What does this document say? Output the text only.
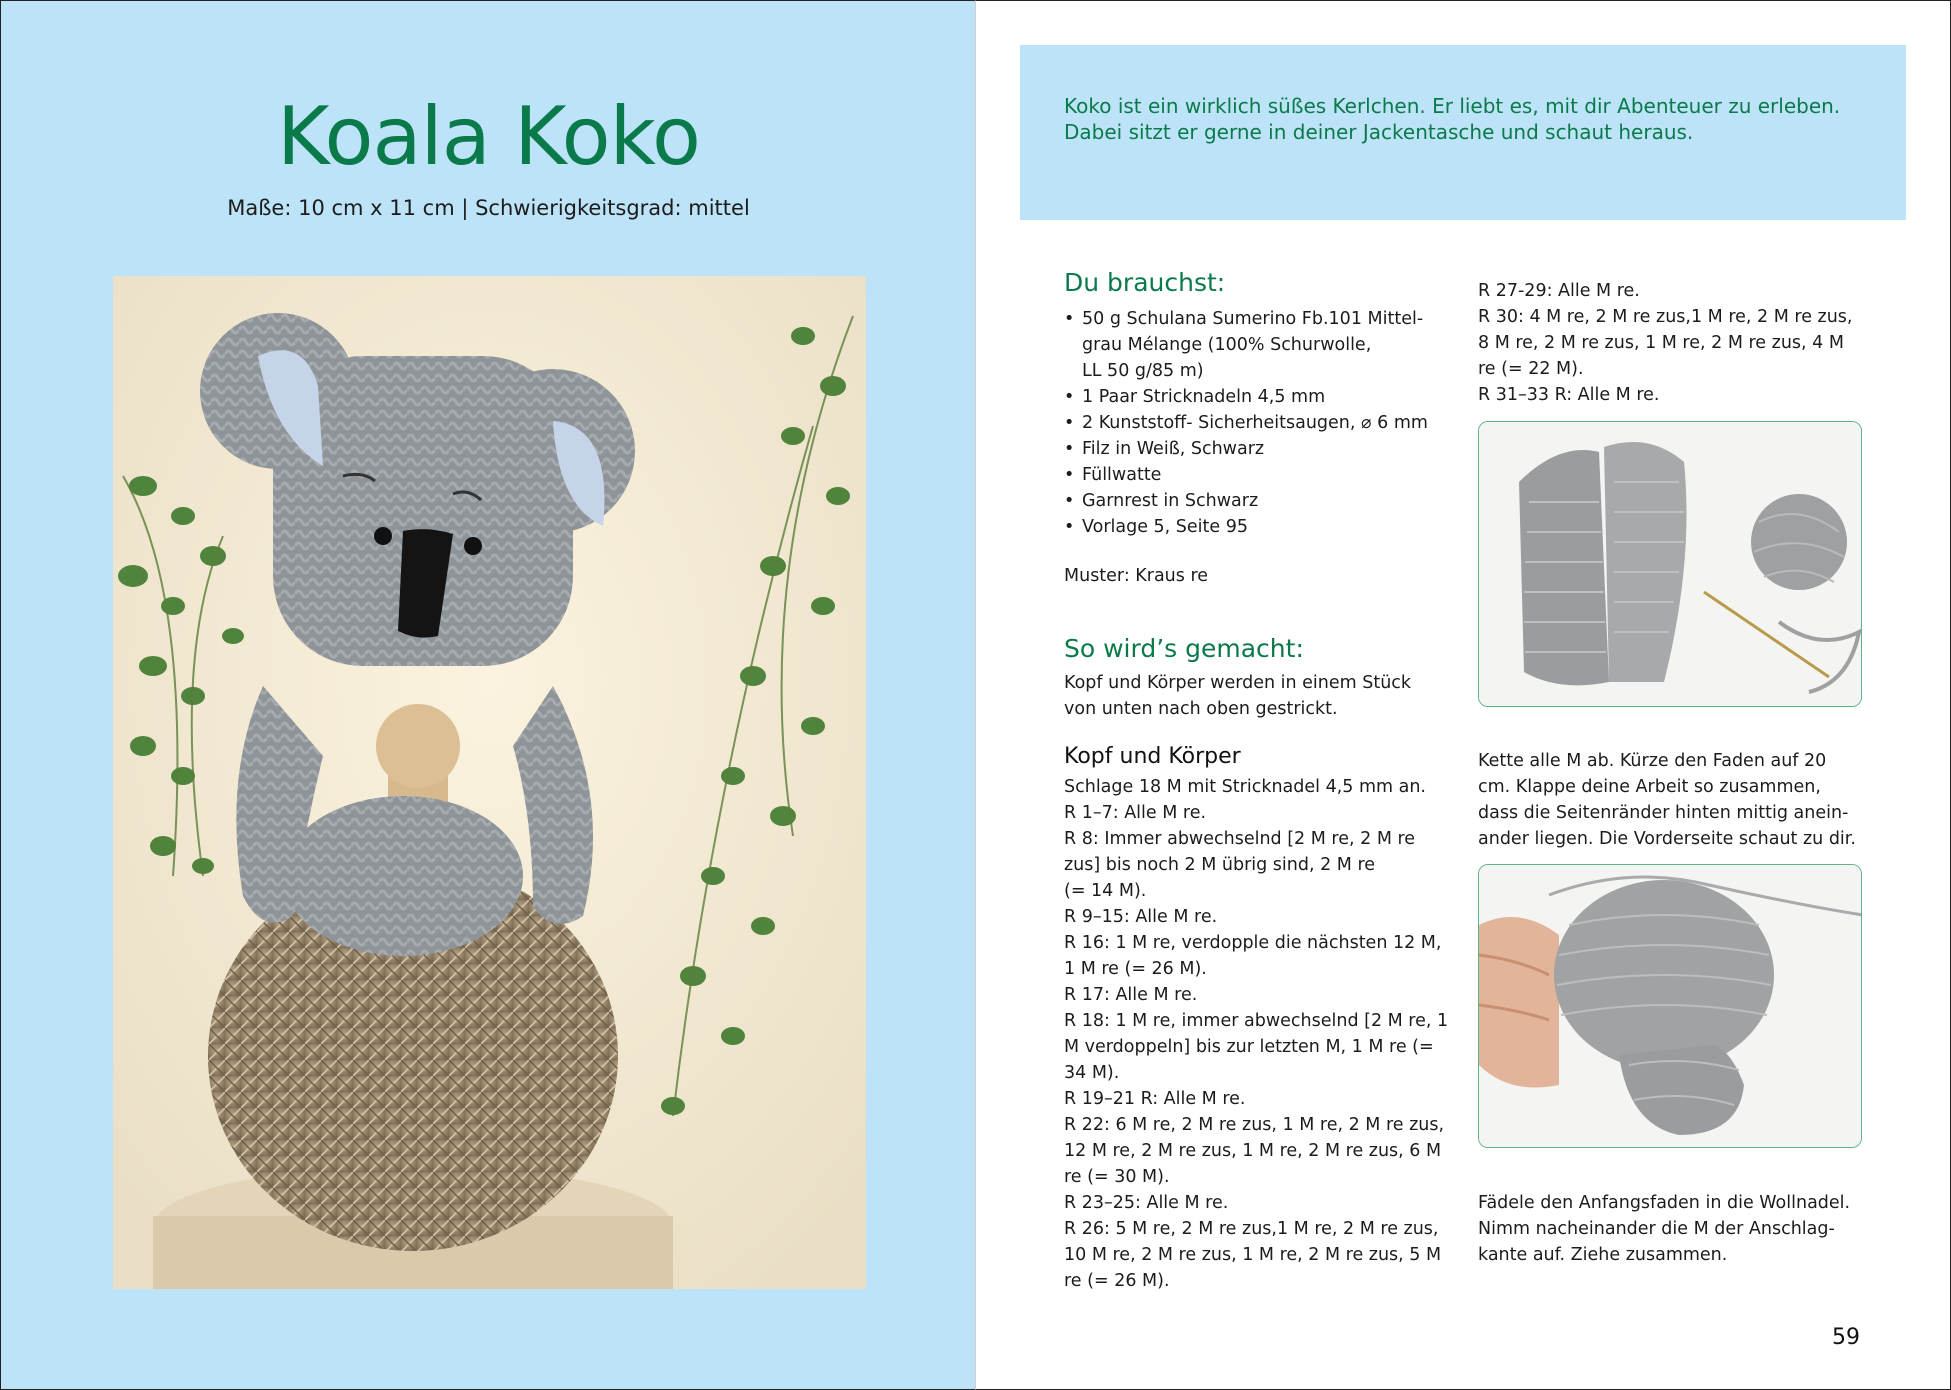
Koala Koko
Maße: 10 cm x 11 cm | Schwierigkeitsgrad: mittel
Koko ist ein wirklich süßes Kerlchen. Er liebt es, mit dir Abenteuer zu erleben.
Dabei sitzt er gerne in deiner Jackentasche und schaut heraus.
Du brauchst:
• 50 g Schulana Sumerino Fb.101 Mittel-
grau Mélange (100% Schurwolle,
LL 50 g/85 m)
• 1 Paar Stricknadeln 4,5 mm
• 2 Kunststoff- Sicherheitsaugen, ⌀ 6 mm
• Filz in Weiß, Schwarz
• Füllwatte
• Garnrest in Schwarz
• Vorlage 5, Seite 95
Muster: Kraus re
So wird’s gemacht:
Kopf und Körper werden in einem Stück
von unten nach oben gestrickt.
Kopf und Körper
Schlage 18 M mit Stricknadel 4,5 mm an.
R 1–7: Alle M re.
R 8: Immer abwechselnd [2 M re, 2 M re
zus] bis noch 2 M übrig sind, 2 M re
(= 14 M).
R 9–15: Alle M re.
R 16: 1 M re, verdopple die nächsten 12 M,
1 M re (= 26 M).
R 17: Alle M re.
R 18: 1 M re, immer abwechselnd [2 M re, 1
M verdoppeln] bis zur letzten M, 1 M re (=
34 M).
R 19–21 R: Alle M re.
R 22: 6 M re, 2 M re zus, 1 M re, 2 M re zus,
12 M re, 2 M re zus, 1 M re, 2 M re zus, 6 M
re (= 30 M).
R 23–25: Alle M re.
R 26: 5 M re, 2 M re zus,1 M re, 2 M re zus,
10 M re, 2 M re zus, 1 M re, 2 M re zus, 5 M
re (= 26 M).
R 27-29: Alle M re.
R 30: 4 M re, 2 M re zus,1 M re, 2 M re zus,
8 M re, 2 M re zus, 1 M re, 2 M re zus, 4 M
re (= 22 M).
R 31–33 R: Alle M re.
Kette alle M ab. Kürze den Faden auf 20
cm. Klappe deine Arbeit so zusammen,
dass die Seitenränder hinten mittig anein-
ander liegen. Die Vorderseite schaut zu dir.
Fädele den Anfangsfaden in die Wollnadel.
Nimm nacheinander die M der Anschlag-
kante auf. Ziehe zusammen.
59
